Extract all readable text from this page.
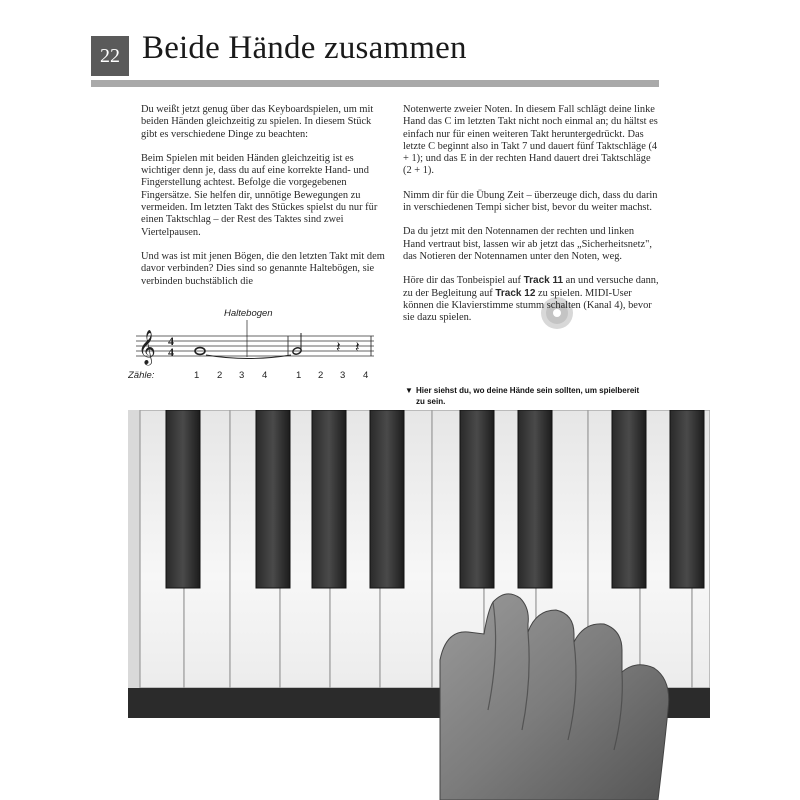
22 Beide Hände zusammen

Du weißt jetzt genug über das Keyboardspielen, um mit beiden Händen gleichzeitig zu spielen. In diesem Stück gibt es verschiedene Dinge zu beachten:

Beim Spielen mit beiden Händen gleichzeitig ist es wichtiger denn je, dass du auf eine korrekte Hand- und Fingerstellung achtest. Befolge die vorgegebenen Fingersätze. Sie helfen dir, unnötige Bewegungen zu vermeiden. Im letzten Takt des Stückes spielst du nur für einen Taktschlag – der Rest des Taktes sind zwei Viertelpausen.

Und was ist mit jenen Bögen, die den letzten Takt mit dem davor verbinden? Dies sind so genannte Haltebögen, sie verbinden buchstäblich die

𝄞 4
4
Haltebogen
𝄽 𝄽
Zähle:	1 2 3 4	1 2 3 4

Notenwerte zweier Noten. In diesem Fall schlägt deine linke Hand das C im letzten Takt nicht noch einmal an; du hältst es einfach nur für einen weiteren Takt heruntergedrückt. Das letzte C beginnt also in Takt 7 und dauert fünf Taktschläge (4 + 1); und das E in der rechten Hand dauert drei Taktschläge (2 + 1).

Nimm dir für die Übung Zeit – überzeuge dich, dass du darin in verschiedenen Tempi sicher bist, bevor du weiter machst.

Da du jetzt mit den Notennamen der rechten und linken Hand vertraut bist, lassen wir ab jetzt das „Sicherheitsnetz", das Notieren der Notennamen unter den Noten, weg.

Höre dir das Tonbeispiel auf Track 11 an und versuche dann, zu der Begleitung auf Track 12 zu spielen. MIDI-User können die Klavierstimme stumm schalten (Kanal 4), bevor sie dazu spielen.

▼ Hier siehst du, wo deine Hände sein sollten, um spielbereit zu sein.
